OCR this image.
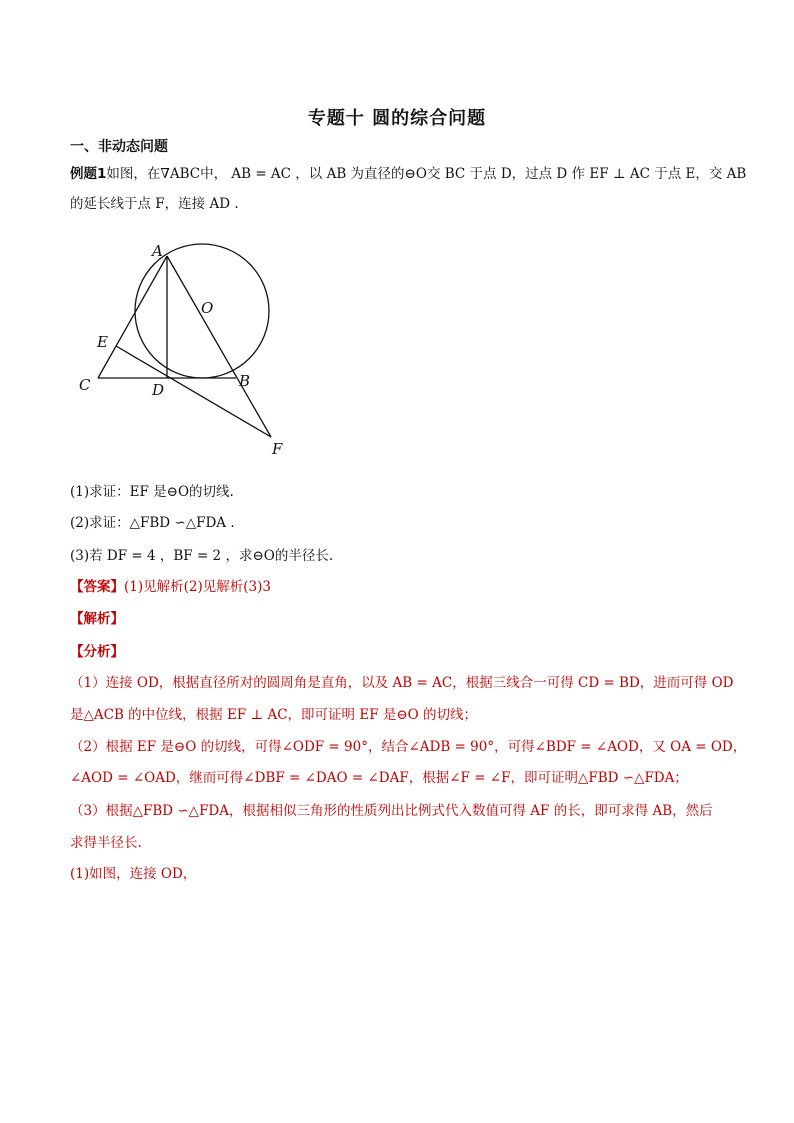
专题十 圆的综合问题
一、非动态问题
例题1如图，在∇ABC中， AB = AC ，以 AB 为直径的⊖O交 BC 于点 D，过点 D 作 EF ⊥ AC 于点 E，交 AB
的延长线于点 F，连接 AD .
A
O
E
C	D	B
F
(1)求证：EF 是⊖O的切线.
(2)求证：△FBD ∽△FDA .
(3)若 DF = 4 ，BF = 2 ，求⊖O的半径长.
【答案】(1)见解析(2)见解析(3)3
【解析】
【分析】
（1）连接 OD，根据直径所对的圆周角是直角，以及 AB = AC，根据三线合一可得 CD = BD，进而可得 OD
是△ACB 的中位线，根据 EF ⊥ AC，即可证明 EF 是⊖O 的切线；
（2）根据 EF 是⊖O 的切线，可得∠ODF = 90°，结合∠ADB = 90°，可得∠BDF = ∠AOD，又 OA = OD，
∠AOD = ∠OAD，继而可得∠DBF = ∠DAO = ∠DAF，根据∠F = ∠F，即可证明△FBD ∽△FDA；
（3）根据△FBD ∽△FDA，根据相似三角形的性质列出比例式代入数值可得 AF 的长，即可求得 AB，然后
求得半径长.
(1)如图，连接 OD，
